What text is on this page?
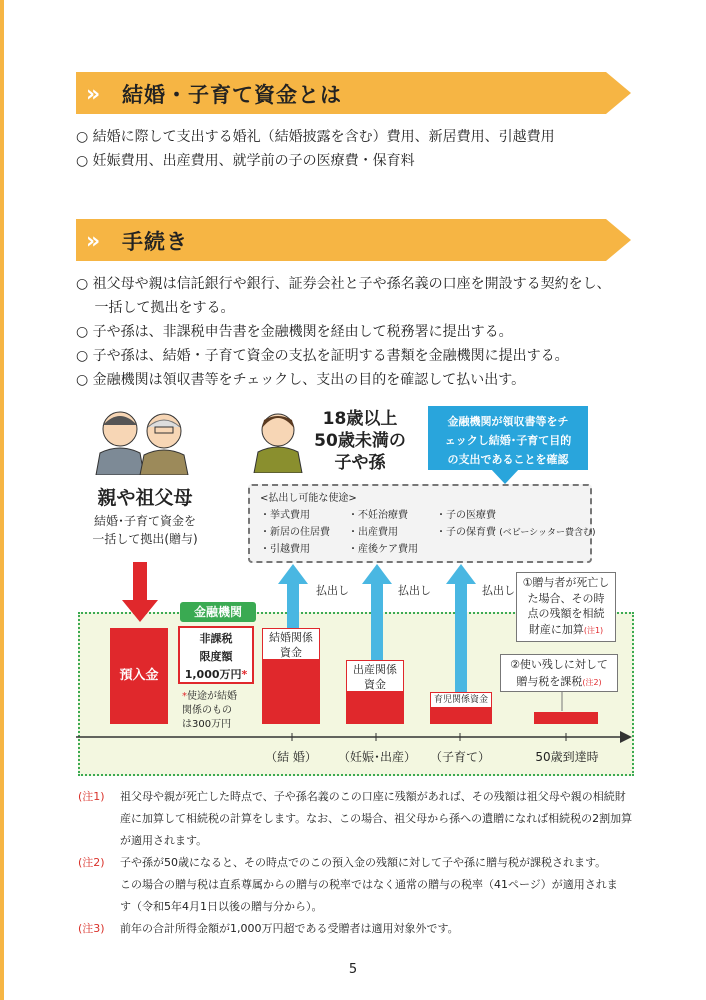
» 結婚・子育て資金とは
○ 結婚に際して支出する婚礼（結婚披露を含む）費用、新居費用、引越費用
○ 妊娠費用、出産費用、就学前の子の医療費・保育料
» 手続き
○ 祖父母や親は信託銀行や銀行、証券会社と子や孫名義の口座を開設する契約をし、
　 一括して拠出をする。
○ 子や孫は、非課税申告書を金融機関を経由して税務署に提出する。
○ 子や孫は、結婚・子育て資金の支払を証明する書類を金融機関に提出する。
○ 金融機関は領収書等をチェックし、支出の目的を確認して払い出す。
親や祖父母
結婚･子育て資金を
一括して拠出(贈与)
18歳以上
50歳未満の
子や孫
金融機関が領収書等をチ
ェックし結婚･子育て目的
の支出であることを確認
<払出し可能な使途>
・挙式費用
・新居の住居費
・引越費用
・不妊治療費
・出産費用
・産後ケア費用
・子の医療費
・子の保育費 (ベビーシッター費含む)
金融機関
預入金
非課税
限度額
1,000万円*
*使途が結婚
関係のもの
は300万円
払出し	払出し	払出し
結婚関係
資金
出産関係
資金
育児関係資金
①贈与者が死亡し
た場合、その時
点の残額を相続
財産に加算(注1)
②使い残しに対して
贈与税を課税(注2)
（結 婚）	（妊娠･出産）	（子育て）	50歳到達時
(注1) 祖父母や親が死亡した時点で、子や孫名義のこの口座に残額があれば、その残額は祖父母や親の相続財
産に加算して相続税の計算をします。なお、この場合、祖父母から孫への遺贈になれば相続税の2割加算
が適用されます。
(注2) 子や孫が50歳になると、その時点でのこの預入金の残額に対して子や孫に贈与税が課税されます。
この場合の贈与税は直系尊属からの贈与の税率ではなく通常の贈与の税率（41ページ）が適用されま
す（令和5年4月1日以後の贈与分から）。
(注3) 前年の合計所得金額が1,000万円超である受贈者は適用対象外です。
5
